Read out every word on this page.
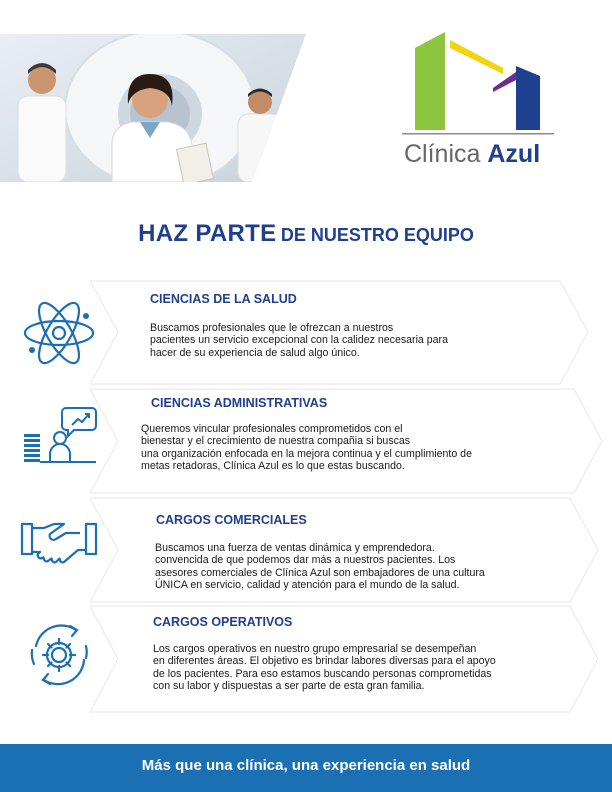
Clínica Azul
HAZ PARTE DE NUESTRO EQUIPO
CIENCIAS DE LA SALUD
Buscamos profesionales que le ofrezcan a nuestros
pacientes un servicio excepcional con la calidez necesaria para
hacer de su experiencia de salud algo único.
CIENCIAS ADMINISTRATIVAS
Queremos vincular profesionales comprometidos con el
bienestar y el crecimiento de nuestra compañia si buscas
una organización enfocada en la mejora continua y el cumplimiento de
metas retadoras, Clínica Azul es lo que estas buscando.
CARGOS COMERCIALES
Buscamos una fuerza de ventas dinámica y emprendedora.
convencida de que podemos dar más a nuestros pacientes. Los
asesores comerciales de Clínica Azul son embajadores de una cultura
ÚNICA en servicio, calidad y atención para el mundo de la salud.
CARGOS OPERATIVOS
Los cargos operativos en nuestro grupo empresarial se desempeñan
en diferentes áreas. El objetivo es brindar labores diversas para el apoyo
de los pacientes. Para eso estamos buscando personas comprometidas
con su labor y dispuestas a ser parte de esta gran familia.
Más que una clínica, una experiencia en salud
